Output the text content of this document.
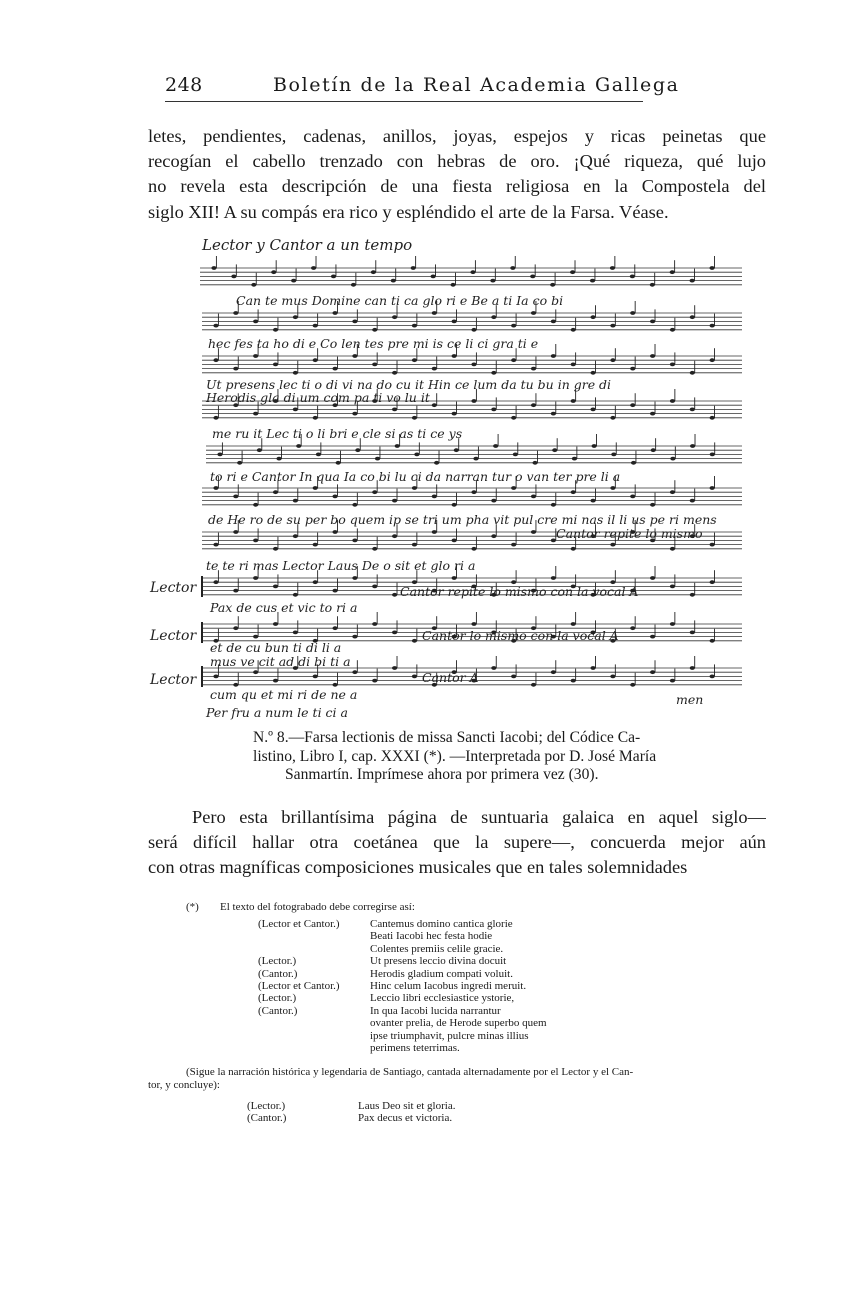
248	Boletín de la Real Academia Gallega
letes, pendientes, cadenas, anillos, joyas, espejos y ricas peinetas que
recogían el cabello trenzado con hebras de oro. ¡Qué riqueza, qué lujo
no revela esta descripción de una fiesta religiosa en la Compostela del
siglo XII! A su compás era rico y espléndido el arte de la Farsa. Véase.
Lector y Cantor a un tempo
Lector
Lector
Lector
Can te mus Domine can ti ca glo ri e Be a ti Ia co bi
hec fes ta ho di e Co len tes pre mi is ce li ci gra ti e
Ut presens lec ti o di vi na do cu it Hin ce lum da tu bu in gre di
Herodis gla di um com pa ti vo lu it
me ru it Lec ti o li bri e cle si as ti ce ys
to ri e Cantor In qua Ia co bi lu ci da narran tur o van ter pre li a
de He ro de su per bo quem ip se tri um pha vit pul cre mi nas il li us pe ri mens
Cantor repite lo mismo
te te ri mas Lector Laus De o sit et glo ri a
Cantor repite lo mismo con la vocal A
Pax de cus et vic to ri a
et de cu bun ti di li a
Cantor lo mismo con la vocal A
mus ve cit ad di bi ti a
Cantor A
cum qu et mi ri de ne a
Per fru a num le ti ci a
men
N.º 8.—Farsa lectionis de missa Sancti Iacobi; del Códice Ca-
listino, Libro I, cap. XXXI (*). —Interpretada por D. José María
Sanmartín. Imprímese ahora por primera vez (30).
Pero esta brillantísima página de suntuaria galaica en aquel siglo—
será difícil hallar otra coetánea que la supere—, concuerda mejor aún
con otras magníficas composiciones musicales que en tales solemnidades
(*) El texto del fotograbado debe corregirse así:
(Lector et Cantor.)	Cantemus domino cantica glorie
Beati Iacobi hec festa hodie
Colentes premiis celile gracie.
(Lector.)	Ut presens leccio divina docuit
(Cantor.)	Herodis gladium compati voluit.
(Lector et Cantor.)	Hinc celum Iacobus ingredi meruit.
(Lector.)	Leccio libri ecclesiastice ystorie,
(Cantor.)	In qua Iacobi lucida narrantur
ovanter prelia, de Herode superbo quem
ipse triumphavit, pulcre minas illius
perimens teterrimas.
(Sigue la narración histórica y legendaria de Santiago, cantada alternadamente por el Lector y el Can-
tor, y concluye):
(Lector.)	Laus Deo sit et gloria.
(Cantor.)	Pax decus et victoria.
